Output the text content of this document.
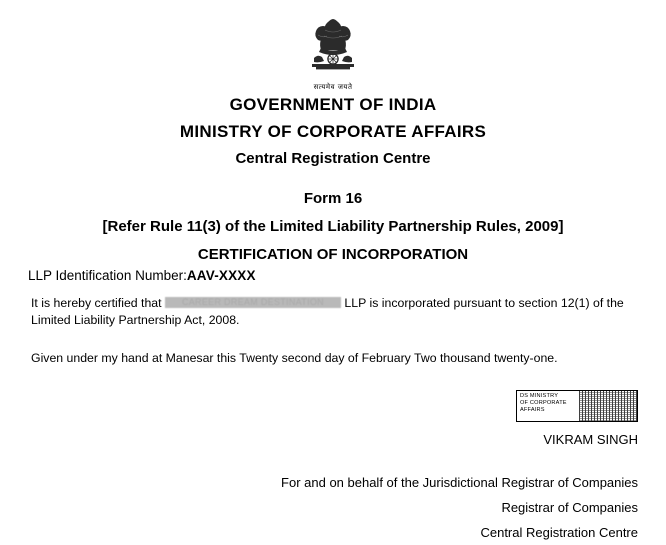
सत्यमेव जयते
GOVERNMENT OF INDIA
MINISTRY OF CORPORATE AFFAIRS
Central Registration Centre
Form 16
[Refer Rule 11(3) of the Limited Liability Partnership Rules, 2009]
CERTIFICATION OF INCORPORATION
LLP Identification Number:AAV-XXXX
It is hereby certified that CAREER DREAM DESTINATION LLP is incorporated pursuant to section 12(1) of the
Limited Liability Partnership Act, 2008.
Given under my hand at Manesar this Twenty second day of February Two thousand twenty-one.
DS MINISTRY
OF CORPORATE
AFFAIRS
VIKRAM SINGH
For and on behalf of the Jurisdictional Registrar of Companies
Registrar of Companies
Central Registration Centre
